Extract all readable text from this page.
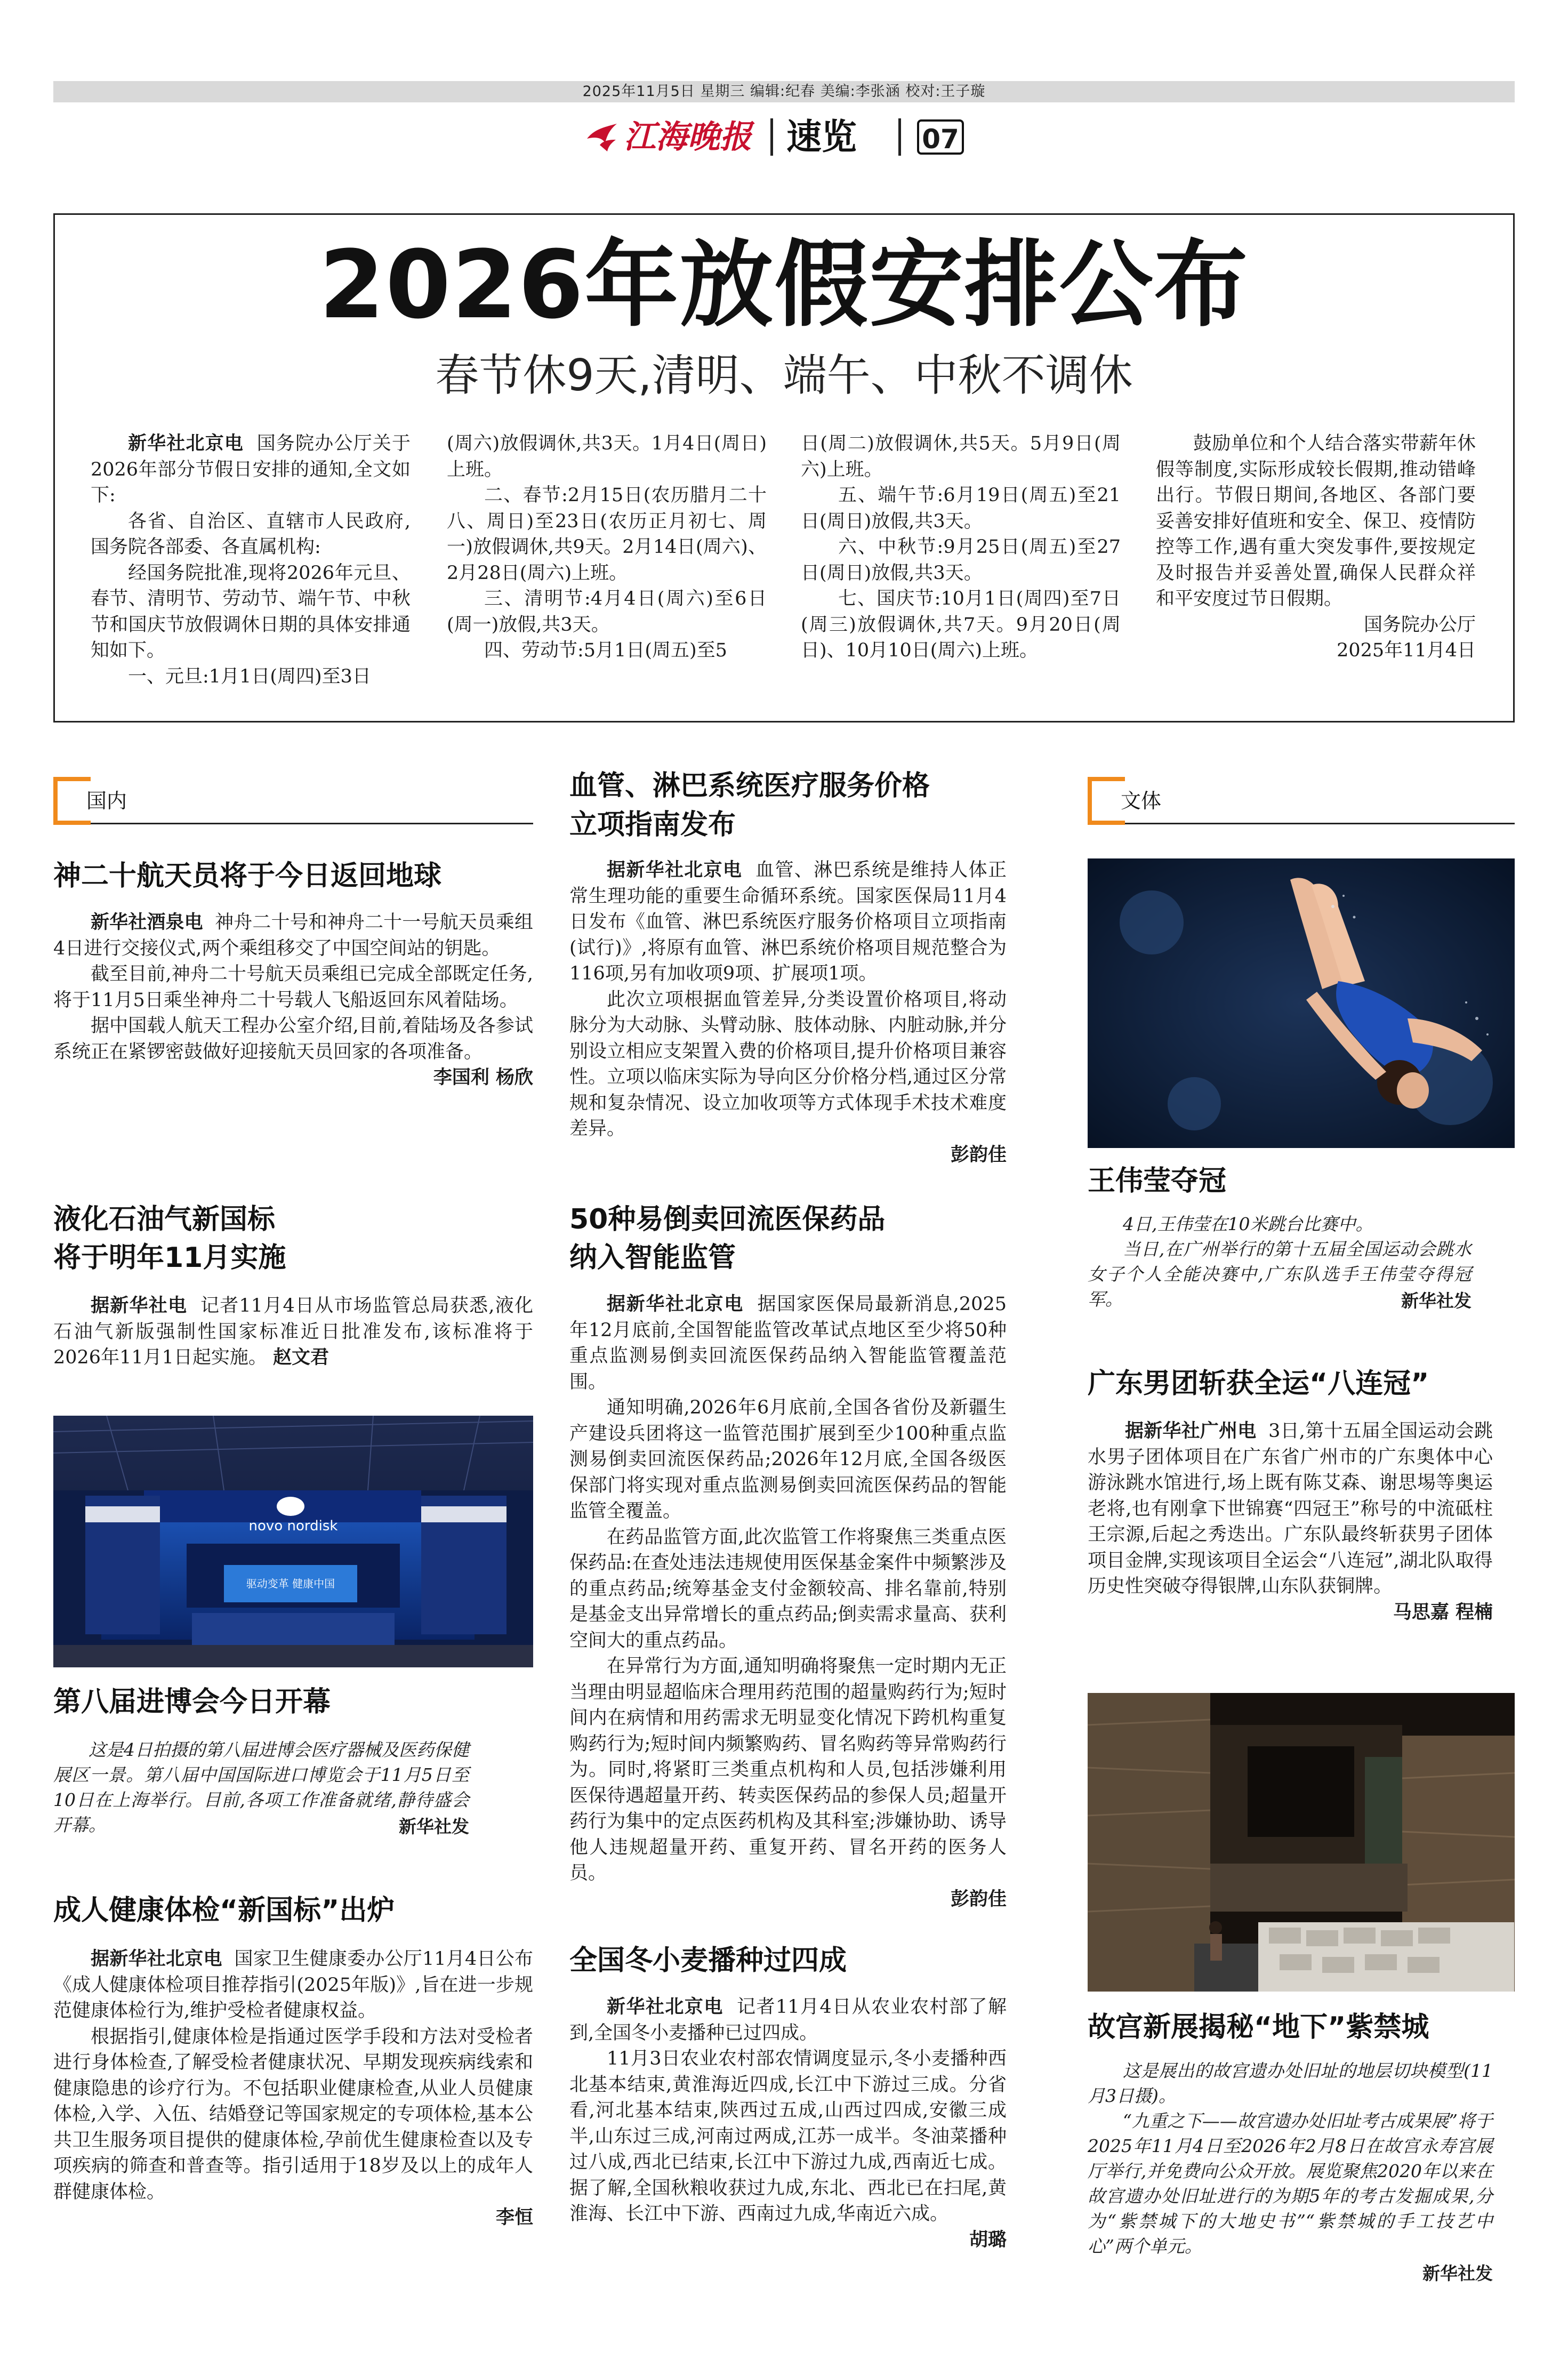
2025年11月5日 星期三 编辑:纪春 美编:李张涵 校对:王子璇
江海晚报 速览 07
2026年放假安排公布
春节休9天,清明、端午、中秋不调休

新华社北京电 国务院办公厅关于2026年部分节假日安排的通知,全文如下:

各省、自治区、直辖市人民政府,国务院各部委、各直属机构:

经国务院批准,现将2026年元旦、春节、清明节、劳动节、端午节、中秋节和国庆节放假调休日期的具体安排通知如下。

一、元旦:1月1日(周四)至3日

(周六)放假调休,共3天。1月4日(周日)上班。

二、春节:2月15日(农历腊月二十八、周日)至23日(农历正月初七、周一)放假调休,共9天。2月14日(周六)、2月28日(周六)上班。

三、清明节:4月4日(周六)至6日(周一)放假,共3天。

四、劳动节:5月1日(周五)至5

日(周二)放假调休,共5天。5月9日(周六)上班。

五、端午节:6月19日(周五)至21日(周日)放假,共3天。

六、中秋节:9月25日(周五)至27日(周日)放假,共3天。

七、国庆节:10月1日(周四)至7日(周三)放假调休,共7天。9月20日(周日)、10月10日(周六)上班。

鼓励单位和个人结合落实带薪年休假等制度,实际形成较长假期,推动错峰出行。节假日期间,各地区、各部门要妥善安排好值班和安全、保卫、疫情防控等工作,遇有重大突发事件,要按规定及时报告并妥善处置,确保人民群众祥和平安度过节日假期。

国务院办公厅

2025年11月4日

国内
神二十航天员将于今日返回地球

新华社酒泉电 神舟二十号和神舟二十一号航天员乘组4日进行交接仪式,两个乘组移交了中国空间站的钥匙。

截至目前,神舟二十号航天员乘组已完成全部既定任务,将于11月5日乘坐神舟二十号载人飞船返回东风着陆场。

据中国载人航天工程办公室介绍,目前,着陆场及各参试系统正在紧锣密鼓做好迎接航天员回家的各项准备。

李国利 杨欣

液化石油气新国标
将于明年11月实施

据新华社电 记者11月4日从市场监管总局获悉,液化石油气新版强制性国家标准近日批准发布,该标准将于2026年11月1日起实施。 赵文君

novo nordisk
驱动变革 健康中国
第八届进博会今日开幕

这是4日拍摄的第八届进博会医疗器械及医药保健展区一景。第八届中国国际进口博览会于11月5日至10日在上海举行。目前,各项工作准备就绪,静待盛会开幕。	新华社发
成人健康体检“新国标”出炉

据新华社北京电 国家卫生健康委办公厅11月4日公布《成人健康体检项目推荐指引(2025年版)》,旨在进一步规范健康体检行为,维护受检者健康权益。

根据指引,健康体检是指通过医学手段和方法对受检者进行身体检查,了解受检者健康状况、早期发现疾病线索和健康隐患的诊疗行为。不包括职业健康检查,从业人员健康体检,入学、入伍、结婚登记等国家规定的专项体检,基本公共卫生服务项目提供的健康体检,孕前优生健康检查以及专项疾病的筛查和普查等。指引适用于18岁及以上的成年人群健康体检。

李恒

血管、淋巴系统医疗服务价格
立项指南发布

据新华社北京电 血管、淋巴系统是维持人体正常生理功能的重要生命循环系统。国家医保局11月4日发布《血管、淋巴系统医疗服务价格项目立项指南(试行)》,将原有血管、淋巴系统价格项目规范整合为116项,另有加收项9项、扩展项1项。

此次立项根据血管差异,分类设置价格项目,将动脉分为大动脉、头臂动脉、肢体动脉、内脏动脉,并分别设立相应支架置入费的价格项目,提升价格项目兼容性。立项以临床实际为导向区分价格分档,通过区分常规和复杂情况、设立加收项等方式体现手术技术难度差异。

彭韵佳

50种易倒卖回流医保药品
纳入智能监管

据新华社北京电 据国家医保局最新消息,2025年12月底前,全国智能监管改革试点地区至少将50种重点监测易倒卖回流医保药品纳入智能监管覆盖范围。

通知明确,2026年6月底前,全国各省份及新疆生产建设兵团将这一监管范围扩展到至少100种重点监测易倒卖回流医保药品;2026年12月底,全国各级医保部门将实现对重点监测易倒卖回流医保药品的智能监管全覆盖。

在药品监管方面,此次监管工作将聚焦三类重点医保药品:在查处违法违规使用医保基金案件中频繁涉及的重点药品;统筹基金支付金额较高、排名靠前,特别是基金支出异常增长的重点药品;倒卖需求量高、获利空间大的重点药品。

在异常行为方面,通知明确将聚焦一定时期内无正当理由明显超临床合理用药范围的超量购药行为;短时间内在病情和用药需求无明显变化情况下跨机构重复购药行为;短时间内频繁购药、冒名购药等异常购药行为。同时,将紧盯三类重点机构和人员,包括涉嫌利用医保待遇超量开药、转卖医保药品的参保人员;超量开药行为集中的定点医药机构及其科室;涉嫌协助、诱导他人违规超量开药、重复开药、冒名开药的医务人员。

彭韵佳

全国冬小麦播种过四成

新华社北京电 记者11月4日从农业农村部了解到,全国冬小麦播种已过四成。

11月3日农业农村部农情调度显示,冬小麦播种西北基本结束,黄淮海近四成,长江中下游过三成。分省看,河北基本结束,陕西过五成,山西过四成,安徽三成半,山东过三成,河南过两成,江苏一成半。冬油菜播种过八成,西北已结束,长江中下游过九成,西南近七成。据了解,全国秋粮收获过九成,东北、西北已在扫尾,黄淮海、长江中下游、西南过九成,华南近六成。

胡璐

文体
王伟莹夺冠

4日,王伟莹在10米跳台比赛中。

当日,在广州举行的第十五届全国运动会跳水女子个人全能决赛中,广东队选手王伟莹夺得冠军。	新华社发
广东男团斩获全运“八连冠”

据新华社广州电 3日,第十五届全国运动会跳水男子团体项目在广东省广州市的广东奥体中心游泳跳水馆进行,场上既有陈艾森、谢思埸等奥运老将,也有刚拿下世锦赛“四冠王”称号的中流砥柱王宗源,后起之秀迭出。广东队最终斩获男子团体项目金牌,实现该项目全运会“八连冠”,湖北队取得历史性突破夺得银牌,山东队获铜牌。

马思嘉 程楠

故宫新展揭秘“地下”紫禁城

这是展出的故宫遗办处旧址的地层切块模型(11月3日摄)。

“九重之下——故宫遗办处旧址考古成果展”将于2025年11月4日至2026年2月8日在故宫永寿宫展厅举行,并免费向公众开放。展览聚焦2020年以来在故宫遗办处旧址进行的为期5年的考古发掘成果,分为“紫禁城下的大地史书”“紫禁城的手工技艺中心”两个单元。

新华社发
